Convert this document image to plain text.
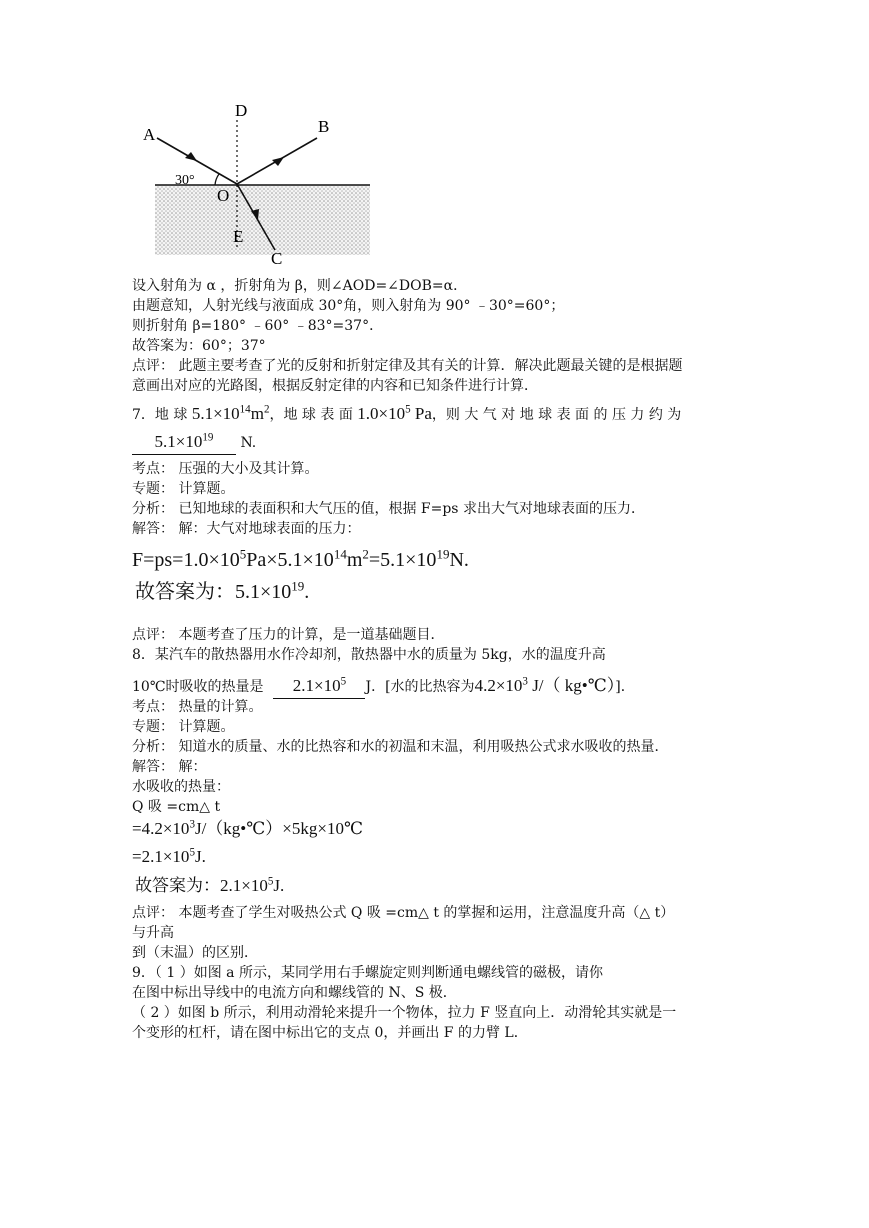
A
D
B
30°
O
E
C
设入射角为 α ，折射角为 β，则∠AOD=∠DOB=α．
由题意知，人射光线与液面成 30°角，则入射角为 90° ﹣30°=60°；
则折射角 β=180° ﹣60° ﹣83°=37°．
故答案为：60°；37°
点评： 此题主要考查了光的反射和折射定律及其有关的计算．解决此题最关键的是根据题
意画出对应的光路图，根据反射定律的内容和已知条件进行计算．
7．地 球 $5.1\times 10^{14}m^2$，地 球 表 面 $1.0\times 10^5$ Pa，则 大 气 对 地 球 表 面 的 压 力 约 为
$5.1\times 10^{19}$ N.
考点： 压强的大小及其计算。
专题： 计算题。
分析： 已知地球的表面积和大气压的值，根据 F=ps 求出大气对地球表面的压力．
解答： 解：大气对地球表面的压力：
$F=ps=1.0\times 10^5Pa\times 5.1\times 10^{14}m^2=5.1\times 10^{19}N$.
故答案为：$5.1\times 10^{19}$.
点评： 本题考查了压力的计算，是一道基础题目．
8．某汽车的散热器用水作冷却剂，散热器中水的质量为 5kg，水的温度升高
10℃时吸收的热量是 $2.1\times 10^5$ J．[水的比热容为$4.2\times 10^3$ J/（ kg•℃）]．
考点： 热量的计算。
专题： 计算题。
分析： 知道水的质量、水的比热容和水的初温和末温，利用吸热公式求水吸收的热量．
解答： 解：
水吸收的热量：
Q 吸 =cm△ t
$=4.2\times 10^3J/(kg•℃)\times 5kg\times 10℃$
$=2.1\times 10^5J$.
故答案为：$2.1\times 10^5J$.
点评： 本题考查了学生对吸热公式 Q 吸 =cm△ t 的掌握和运用，注意温度升高（△ t）
与升高
到（末温）的区别．
9．（ 1 ）如图 a 所示，某同学用右手螺旋定则判断通电螺线管的磁极，请你
在图中标出导线中的电流方向和螺线管的 N、S 极．
（ 2 ）如图 b 所示，利用动滑轮来提升一个物体，拉力 F 竖直向上．动滑轮其实就是一
个变形的杠杆，请在图中标出它的支点 0，并画出 F 的力臂 L．
